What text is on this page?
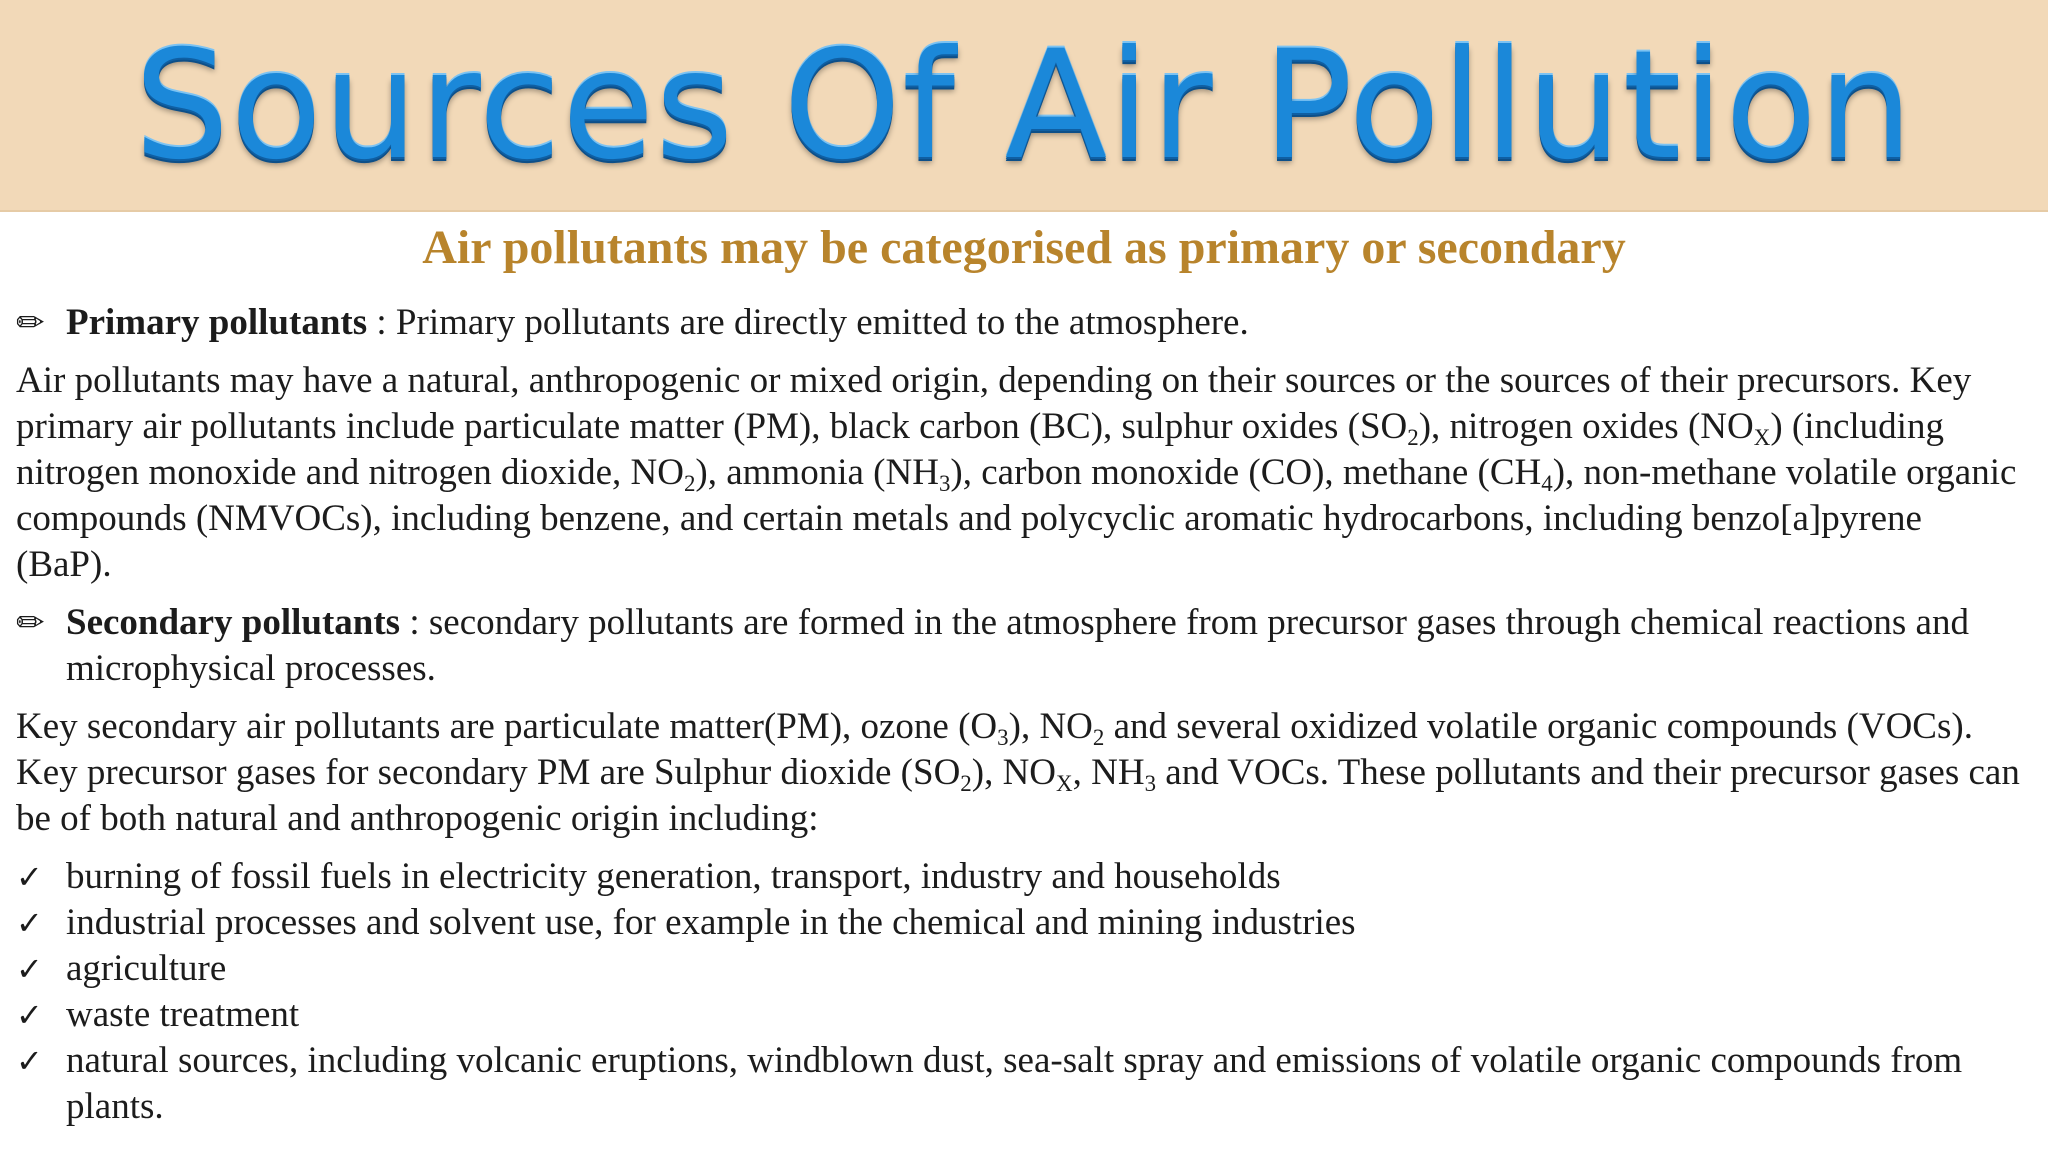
Sources Of Air Pollution
Air pollutants may be categorised as primary or secondary
✏ Primary pollutants : Primary pollutants are directly emitted to the atmosphere.
Air pollutants may have a natural, anthropogenic or mixed origin, depending on their sources or the sources of their precursors. Key primary air pollutants include particulate matter (PM), black carbon (BC), sulphur oxides $(SO_2)$, nitrogen oxides $(NO_X)$ (including nitrogen monoxide and nitrogen dioxide, $NO_2$), ammonia $(NH_3)$, carbon monoxide (CO), methane $(CH_4)$, non-methane volatile organic compounds (NMVOCs), including benzene, and certain metals and polycyclic aromatic hydrocarbons, including benzo[a]pyrene (BaP).
✏ Secondary pollutants : secondary pollutants are formed in the atmosphere from precursor gases through chemical reactions and microphysical processes.
Key secondary air pollutants are particulate matter(PM), ozone $(O_3)$, $NO_2$ and several oxidized volatile organic compounds (VOCs). Key precursor gases for secondary PM are Sulphur dioxide $(SO_2)$, $NO_X$, $NH_3$ and VOCs. These pollutants and their precursor gases can be of both natural and anthropogenic origin including:
✓ burning of fossil fuels in electricity generation, transport, industry and households
✓ industrial processes and solvent use, for example in the chemical and mining industries
✓ agriculture
✓ waste treatment
✓ natural sources, including volcanic eruptions, windblown dust, sea-salt spray and emissions of volatile organic compounds from plants.
